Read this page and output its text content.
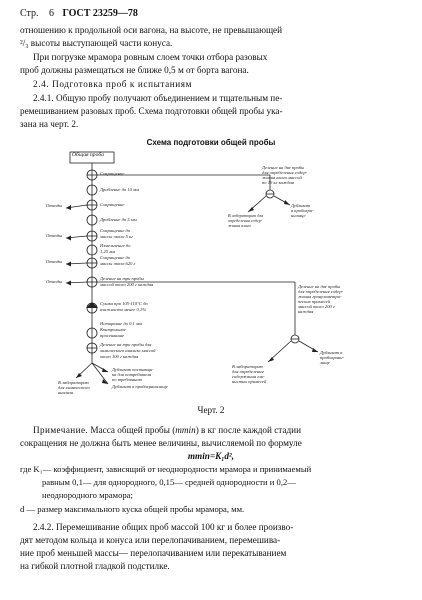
Стр. 6 ГОСТ 23259—78
отношению к продольной оси вагона, на высоте, не превышающей
²/₃ высоты выступающей части конуса.
При погрузке мрамора ровным слоем точки отбора разовых
проб должны размещаться не ближе 0,5 м от борта вагона.
2.4. Подготовка проб к испытаниям
2.4.1. Общую пробу получают объединением и тщательным пе-
ремешиванием разовых проб. Схема подготовки общей пробы ука-
зана на черт. 2.
Схема подготовки общей пробы
Общая проба
Сокращение
Дробление до 10 мм
Сокращение
Дробление до 5 мм
Сокращение до
массы около 5 кг
Измельчение до
1,25 мм
Сокращение до
массы около 620 г
Деление на три пробы
массой около 200 г каждая
Сушка при 105-110°С до
влажности менее 0,1%
Истирание до 0,1 мм
Контрольное
просеивание
Деление на три пробы для
химического анализа массой
около 100 г каждая
Отходы
Отходы
Отходы
Отходы
Деление на две пробы
для определения содер-
жания влаги массой
по 10 кг каждая
В лабораторию для
определения содер-
жания влаги
Дубликат
в пробохра-
нилище
Деление на две пробы
для определения содер-
жания гранулометри-
ческих примесей
массой около 200 г
каждая
В лабораторию
для определения
содержания гли-
нистых примесей
Дубликат в
пробохрани-
лище
В лабораторию
для химического
анализа
Дубликат поставщи-
ка для потребителя
по требованию
Дубликат в пробохранилище
Черт. 2
Примечание. Масса общей пробы (mmin) в кг после каждой стадии
сокращения не должна быть менее величины, вычисляемой по формуле
mmin=K₁d²,
где K₁— коэффициент, зависящий от неоднородности мрамора и принимаемый
равным 0,1— для однородного, 0,15— средней однородности и 0,2—
неоднородного мрамора;
d — размер максимального куска общей пробы мрамора, мм.
2.4.2. Перемешивание общих проб массой 100 кг и более произво-
дят методом кольца и конуса или перелопачиванием, перемешива-
ние проб меньшей массы— перелопачиванием или перекатыванием
на гибкой плотной гладкой подстилке.
